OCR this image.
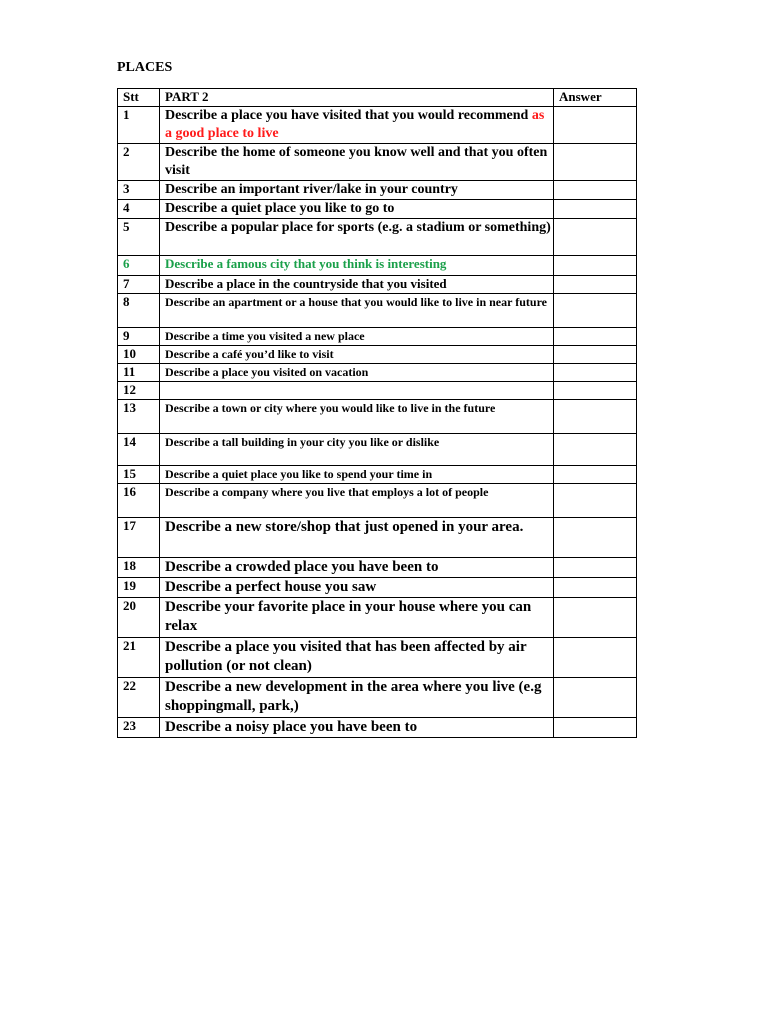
PLACES
Stt	PART 2	Answer
1	Describe a place you have visited that you would recommend as a good place to live	

2	Describe the home of someone you know well and that you often visit	

3	Describe an important river/lake in your country	

4	Describe a quiet place you like to go to	

5	Describe a popular place for sports (e.g. a stadium or something)	

6	Describe a famous city that you think is interesting	

7	Describe a place in the countryside that you visited	

8	Describe an apartment or a house that you would like to live in near future	

9	Describe a time you visited a new place	

10	Describe a café you’d like to visit	

11	Describe a place you visited on vacation	

12	

13	Describe a town or city where you would like to live in the future	

14	Describe a tall building in your city you like or dislike	

15	Describe a quiet place you like to spend your time in	

16	Describe a company where you live that employs a lot of people	

17	Describe a new store/shop that just opened in your area.	

18	Describe a crowded place you have been to	

19	Describe a perfect house you saw	

20	Describe your favorite place in your house where you can relax	

21	Describe a place you visited that has been affected by air pollution (or not clean)	

22	Describe a new development in the area where you live (e.g shoppingmall, park,)	

23	Describe a noisy place you have been to	
